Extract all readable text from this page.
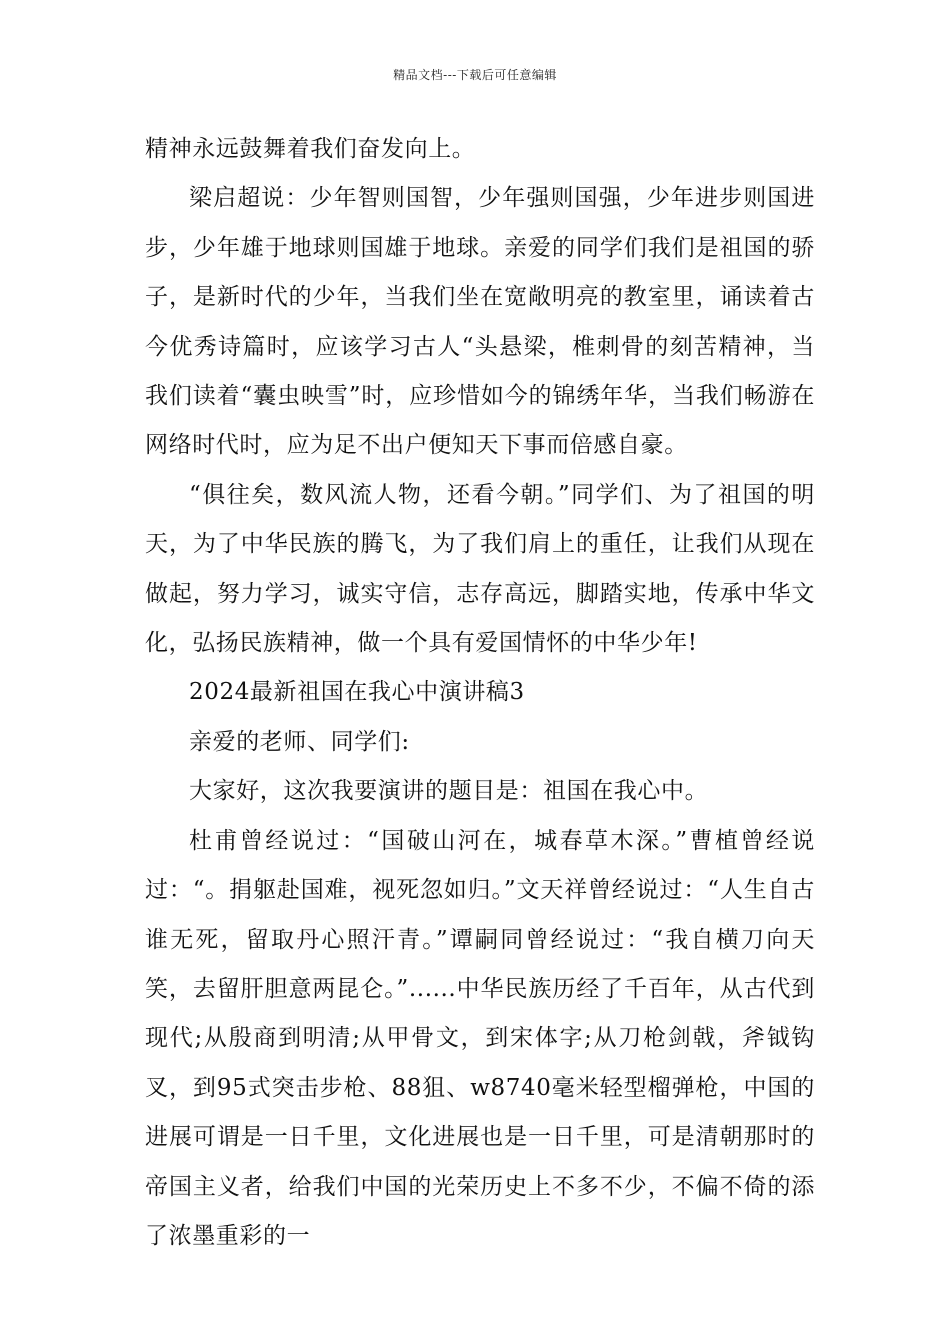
精品文档---下载后可任意编辑

精神永远鼓舞着我们奋发向上。

梁启超说：少年智则国智，少年强则国强，少年进步则国进步，少年雄于地球则国雄于地球。亲爱的同学们我们是祖国的骄子，是新时代的少年，当我们坐在宽敞明亮的教室里，诵读着古今优秀诗篇时，应该学习古人“头悬梁，椎刺骨的刻苦精神，当我们读着“囊虫映雪”时，应珍惜如今的锦绣年华，当我们畅游在网络时代时，应为足不出户便知天下事而倍感自豪。

“俱往矣，数风流人物，还看今朝。”同学们、为了祖国的明天，为了中华民族的腾飞，为了我们肩上的重任，让我们从现在做起，努力学习，诚实守信，志存高远，脚踏实地，传承中华文化，弘扬民族精神，做一个具有爱国情怀的中华少年!

2024最新祖国在我心中演讲稿3

亲爱的老师、同学们:

大家好，这次我要演讲的题目是：祖国在我心中。

杜甫曾经说过：“国破山河在，城春草木深。”曹植曾经说过：“。捐躯赴国难，视死忽如归。”文天祥曾经说过：“人生自古谁无死，留取丹心照汗青。”谭嗣同曾经说过：“我自横刀向天笑，去留肝胆意两昆仑。”......中华民族历经了千百年，从古代到现代;从殷商到明清;从甲骨文，到宋体字;从刀枪剑戟，斧钺钩叉，到95式突击步枪、88狙、w8740毫米轻型榴弹枪，中国的进展可谓是一日千里，文化进展也是一日千里，可是清朝那时的帝国主义者，给我们中国的光荣历史上不多不少，不偏不倚的添了浓墨重彩的一
